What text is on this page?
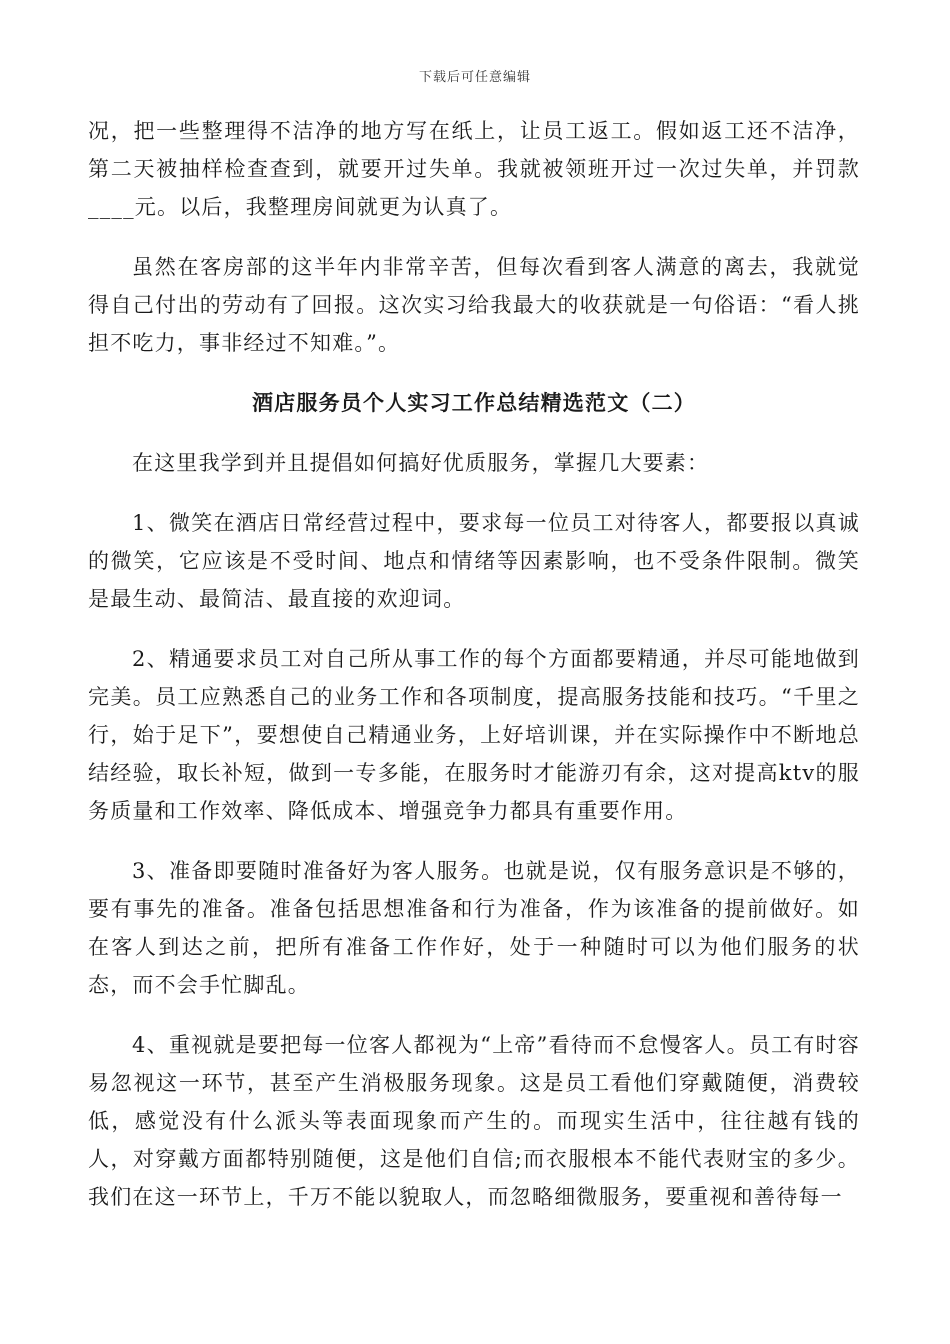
下载后可任意编辑

况，把一些整理得不洁净的地方写在纸上，让员工返工。假如返工还不洁净，第二天被抽样检查查到，就要开过失单。我就被领班开过一次过失单，并罚款____元。以后，我整理房间就更为认真了。

虽然在客房部的这半年内非常辛苦，但每次看到客人满意的离去，我就觉得自己付出的劳动有了回报。这次实习给我最大的收获就是一句俗语：“看人挑担不吃力，事非经过不知难。”。

酒店服务员个人实习工作总结精选范文（二）

在这里我学到并且提倡如何搞好优质服务，掌握几大要素：

1、微笑在酒店日常经营过程中，要求每一位员工对待客人，都要报以真诚的微笑，它应该是不受时间、地点和情绪等因素影响，也不受条件限制。微笑是最生动、最简洁、最直接的欢迎词。

2、精通要求员工对自己所从事工作的每个方面都要精通，并尽可能地做到完美。员工应熟悉自己的业务工作和各项制度，提高服务技能和技巧。“千里之行，始于足下”，要想使自己精通业务，上好培训课，并在实际操作中不断地总结经验，取长补短，做到一专多能，在服务时才能游刃有余，这对提高ktv的服务质量和工作效率、降低成本、增强竞争力都具有重要作用。

3、准备即要随时准备好为客人服务。也就是说，仅有服务意识是不够的，要有事先的准备。准备包括思想准备和行为准备，作为该准备的提前做好。如在客人到达之前，把所有准备工作作好，处于一种随时可以为他们服务的状态，而不会手忙脚乱。

4、重视就是要把每一位客人都视为“上帝”看待而不怠慢客人。员工有时容易忽视这一环节，甚至产生消极服务现象。这是员工看他们穿戴随便，消费较低，感觉没有什么派头等表面现象而产生的。而现实生活中，往往越有钱的人，对穿戴方面都特别随便，这是他们自信;而衣服根本不能代表财宝的多少。我们在这一环节上，千万不能以貌取人，而忽略细微服务，要重视和善待每一
